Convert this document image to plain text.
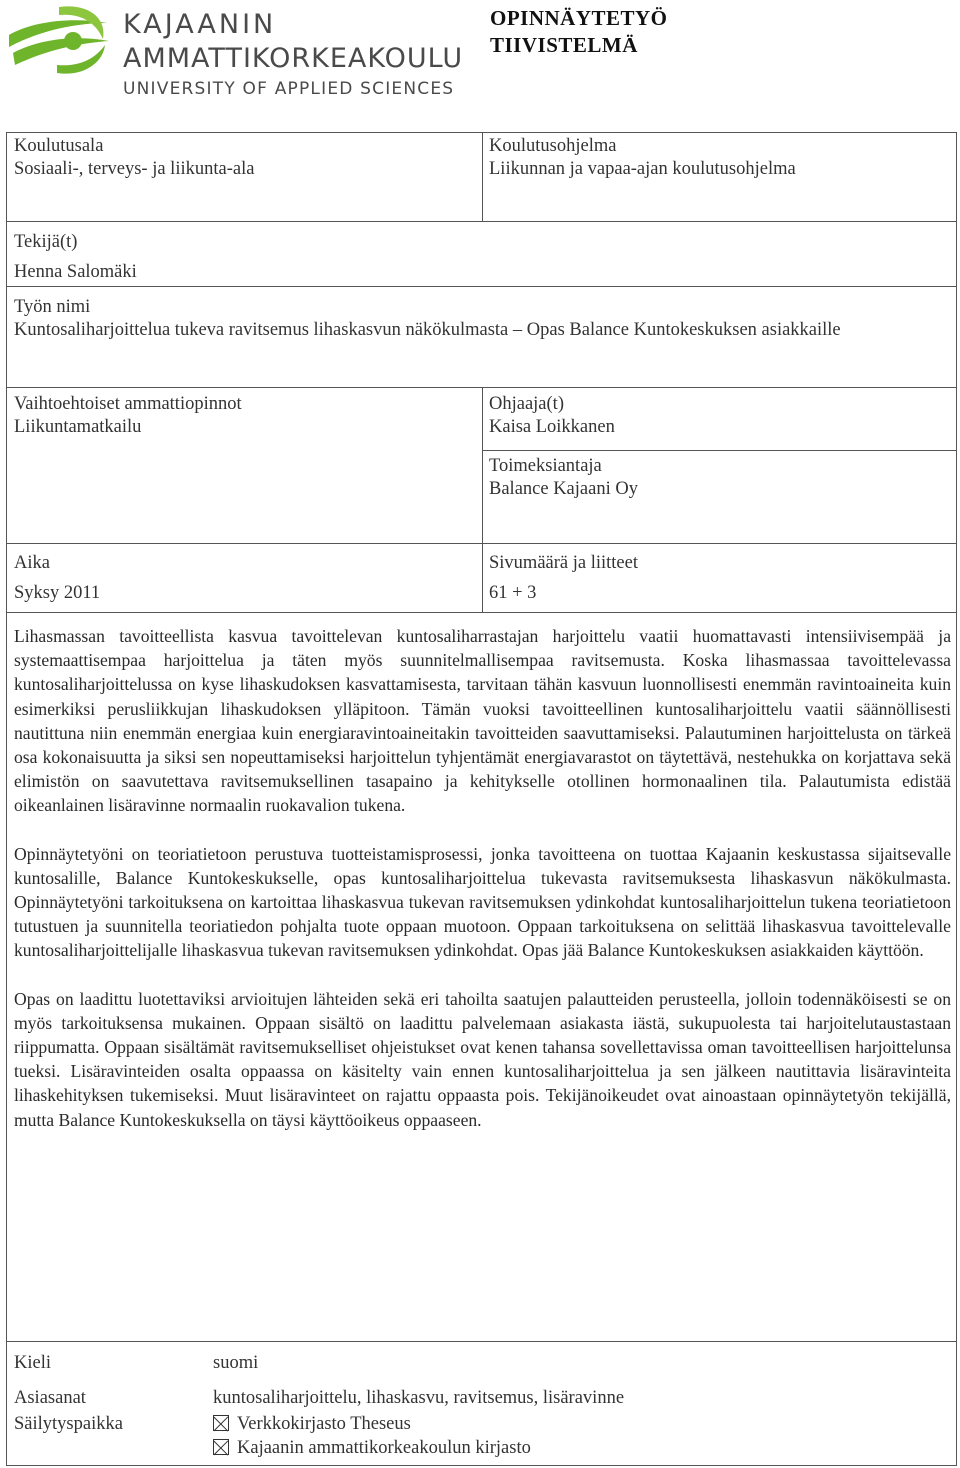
KAJAANIN
AMMATTIKORKEAKOULU
UNIVERSITY OF APPLIED SCIENCES
OPINNÄYTETYÖ
TIIVISTELMÄ
Koulutusala
Sosiaali-, terveys- ja liikunta-ala
Koulutusohjelma
Liikunnan ja vapaa-ajan koulutusohjelma
Tekijä(t)
Henna Salomäki
Työn nimi
Kuntosaliharjoittelua tukeva ravitsemus lihaskasvun näkökulmasta – Opas Balance Kuntokeskuksen asiakkaille
Vaihtoehtoiset ammattiopinnot
Liikuntamatkailu
Ohjaaja(t)
Kaisa Loikkanen
Toimeksiantaja
Balance Kajaani Oy
Aika
Syksy 2011
Sivumäärä ja liitteet
61 + 3

Lihasmassan tavoitteellista kasvua tavoittelevan kuntosaliharrastajan harjoittelu vaatii huomattavasti intensiivisempää ja systemaattisempaa harjoittelua ja täten myös suunnitelmallisempaa ravitsemusta. Koska lihasmassaa tavoittelevassa kuntosaliharjoittelussa on kyse lihaskudoksen kasvattamisesta, tarvitaan tähän kasvuun luonnollisesti enemmän ravintoaineita kuin esimerkiksi perusliikkujan lihaskudoksen ylläpitoon. Tämän vuoksi tavoitteellinen kuntosaliharjoittelu vaatii säännöllisesti nautittuna niin enemmän energiaa kuin energiaravintoaineitakin tavoitteiden saavuttamiseksi. Palautuminen harjoittelusta on tärkeä osa kokonaisuutta ja siksi sen nopeuttamiseksi harjoittelun tyhjentämät energiavarastot on täytettävä, nestehukka on korjattava sekä elimistön on saavutettava ravitsemuksellinen tasapaino ja kehitykselle otollinen hormonaalinen tila. Palautumista edistää oikeanlainen lisäravinne normaalin ruokavalion tukena.

Opinnäytetyöni on teoriatietoon perustuva tuotteistamisprosessi, jonka tavoitteena on tuottaa Kajaanin keskustassa sijaitsevalle kuntosalille, Balance Kuntokeskukselle, opas kuntosaliharjoittelua tukevasta ravitsemuksesta lihaskasvun näkökulmasta. Opinnäytetyöni tarkoituksena on kartoittaa lihaskasvua tukevan ravitsemuksen ydinkohdat kuntosaliharjoittelun tukena teoriatietoon tutustuen ja suunnitella teoriatiedon pohjalta tuote oppaan muotoon. Oppaan tarkoituksena on selittää lihaskasvua tavoittelevalle kuntosaliharjoittelijalle lihaskasvua tukevan ravitsemuksen ydinkohdat. Opas jää Balance Kuntokeskuksen asiakkaiden käyttöön.

Opas on laadittu luotettaviksi arvioitujen lähteiden sekä eri tahoilta saatujen palautteiden perusteella, jolloin todennäköisesti se on myös tarkoituksensa mukainen. Oppaan sisältö on laadittu palvelemaan asiakasta iästä, sukupuolesta tai harjoitelutaustastaan riippumatta. Oppaan sisältämät ravitsemukselliset ohjeistukset ovat kenen tahansa sovellettavissa oman tavoitteellisen harjoittelunsa tueksi. Lisäravinteiden osalta oppaassa on käsitelty vain ennen kuntosaliharjoittelua ja sen jälkeen nautittavia lisäravinteita lihaskehityksen tukemiseksi. Muut lisäravinteet on rajattu oppaasta pois. Tekijänoikeudet ovat ainoastaan opinnäytetyön tekijällä, mutta Balance Kuntokeskuksella on täysi käyttöoikeus oppaaseen.

Kieli	suomi
Asiasanat	kuntosaliharjoittelu, lihaskasvu, ravitsemus, lisäravinne
Säilytyspaikka	Verkkokirjasto Theseus
Kajaanin ammattikorkeakoulun kirjasto
